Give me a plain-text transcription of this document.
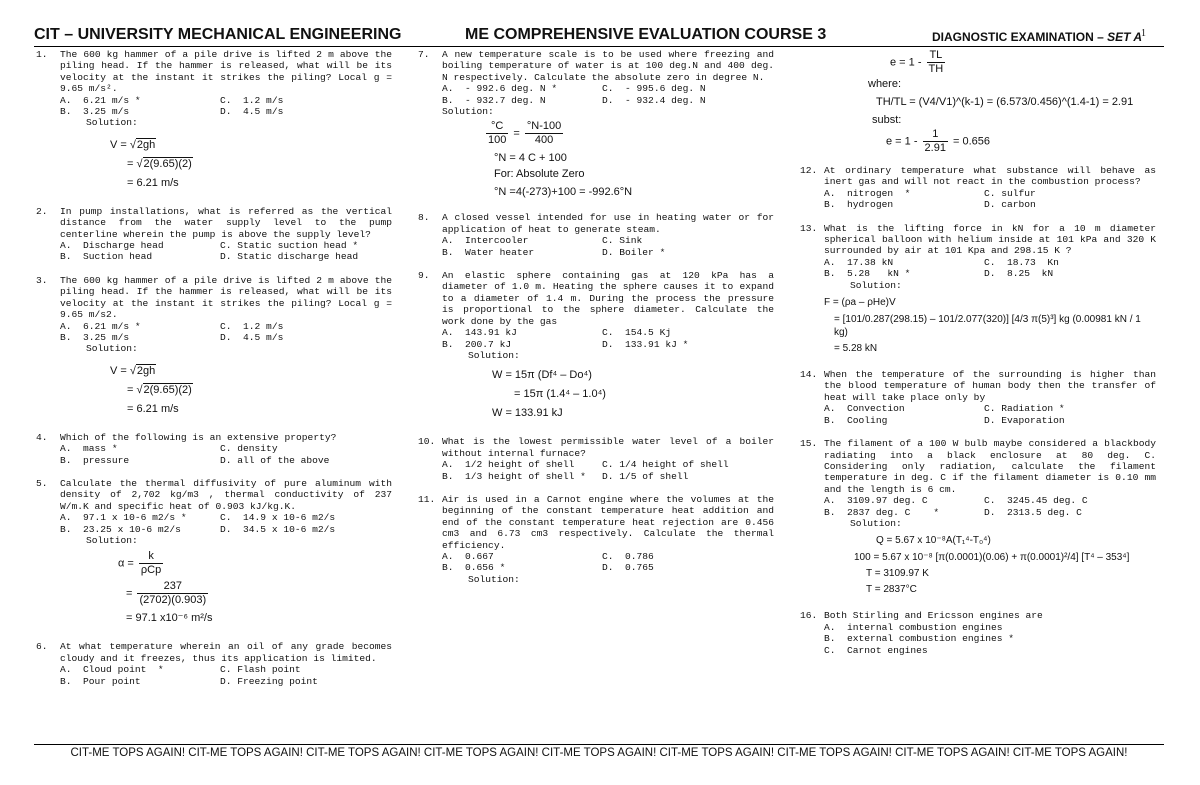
CIT – UNIVERSITY MECHANICAL ENGINEERING	ME COMPREHENSIVE EVALUATION COURSE 3	DIAGNOSTIC EXAMINATION – SET A
1
1.	The 600 kg hammer of a pile drive is lifted 2 m above the piling head. If the hammer is released, what will be its velocity at the instant it strikes the piling? Local g = 9.65 m/s².
A.  6.21 m/s *	C.  1.2 m/s
B.  3.25 m/s	D.  4.5 m/s
Solution:
V = √2gh
= √2(9.65)(2)
= 6.21 m/s
2.	In pump installations, what is referred as the vertical distance from the water supply level to the pump centerline wherein the pump is above the supply level?
A.  Discharge head	C. Static suction head *
B.  Suction head	D. Static discharge head
3.	The 600 kg hammer of a pile drive is lifted 2 m above the piling head. If the hammer is released, what will be its velocity at the instant it strikes the piling? Local g = 9.65 m/s2.
A.  6.21 m/s *	C.  1.2 m/s
B.  3.25 m/s	D.  4.5 m/s
Solution:
V = √2gh
= √2(9.65)(2)
= 6.21 m/s
4.	Which of the following is an extensive property?
A.  mass *	C. density
B.  pressure	D. all of the above
5.	Calculate the thermal diffusivity of pure aluminum with density of 2,702 kg/m3 , thermal conductivity of 237 W/m.K and specific heat of 0.903 kJ/kg.K.
A.  97.1 x 10-6 m2/s *	C.  14.9 x 10-6 m2/s
B.  23.25 x 10-6 m2/s	D.  34.5 x 10-6 m2/s
Solution:
$\alpha = \frac{k}{\text{ρCp}}$
= $\frac{237}{(2702)(0.903)}$
= 97.1 x10⁻⁶ m²/s
6.	At what temperature wherein an oil of any grade becomes cloudy and it freezes, thus its application is limited.
A.  Cloud point  *	C. Flash point
B.  Pour point	D. Freezing point
7.	A new temperature scale is to be used where freezing and boiling temperature of water is at 100 deg.N and 400 deg. N respectively. Calculate the absolute zero in degree N.
A.  - 992.6 deg. N *	C.  - 995.6 deg. N
B.  - 932.7 deg. N	D.  - 932.4 deg. N
Solution:
$\frac{^\circ C}{100} = \frac{^\circ N-100}{400}$
°N = 4 C + 100
For: Absolute Zero
°N =4(-273)+100 = -992.6°N
8.	A closed vessel intended for use in heating water or for application of heat to generate steam.
A.  Intercooler	C. Sink
B.  Water heater	D. Boiler *
9.	An elastic sphere containing gas at 120 kPa has a diameter of 1.0 m. Heating the sphere causes it to expand to a diameter of 1.4 m. During the process the pressure is proportional to the sphere diameter. Calculate the work done by the gas
A.  143.91 kJ	C.  154.5 Kj
B.  200.7 kJ	D.  133.91 kJ *
Solution:
W = 15π (Df⁴ – Do⁴)
= 15π (1.4⁴ – 1.0⁴)
W = 133.91 kJ
10. What is the lowest permissible water level of a boiler without internal furnace?
A.  1/2 height of shell	C. 1/4 height of shell
B.  1/3 height of shell *	D. 1/5 of shell
11. Air is used in a Carnot engine where the volumes at the beginning of the constant temperature heat addition and end of the constant temperature heat rejection are 0.456 cm3 and 6.73 cm3 respectively. Calculate the thermal efficiency.
A.  0.667	C.  0.786
B.  0.656 *	D.  0.765
Solution:
$e = 1 - \frac{TL}{TH}$
where:
TH/TL = (V4/V1)^(k-1) = (6.573/0.456)^(1.4-1) = 2.91
subst:
$e = 1 - \frac{1}{2.91} = 0.656$
12. At ordinary temperature what substance will behave as inert gas and will not react in the combustion process?
A.  nitrogen  *	C. sulfur
B.  hydrogen	D. carbon
13. What is the lifting force in kN for a 10 m diameter spherical balloon with helium inside at 101 kPa and 320 K surrounded by air at 101 Kpa and 298.15 K ?
A.  17.38 kN	C.  18.73  Kn
B.  5.28   kN *	D.  8.25  kN
Solution:
F = (ρa – ρHe)V
= [101/0.287(298.15) – 101/2.077(320)] [4/3 π(5)³] kg (0.00981 kN / 1 kg)
= 5.28 kN
14. When the temperature of the surrounding is higher than the blood temperature of human body then the transfer of heat will take place only by
A.  Convection	C. Radiation *
B.  Cooling	D. Evaporation
15. The filament of a 100 W bulb maybe considered a blackbody radiating into a black enclosure at 80 deg. C. Considering only radiation, calculate the filament temperature in deg. C if the filament diameter is 0.10 mm and the length is 6 cm.
A.  3109.97 deg. C	C.  3245.45 deg. C
B.  2837 deg. C    *	D.  2313.5 deg. C
Solution:
Q = 5.67 x 10⁻⁸A(T₁⁴-T₀⁴)
100 = 5.67 x 10⁻⁸ [π(0.0001)(0.06) + π(0.0001)²/4] [T⁴ – 353⁴]
T = 3109.97 K
T = 2837°C
16. Both Stirling and Ericsson engines are
A.  internal combustion engines
B.  external combustion engines *
C.  Carnot engines
CIT-ME TOPS AGAIN! CIT-ME TOPS AGAIN! CIT-ME TOPS AGAIN! CIT-ME TOPS AGAIN! CIT-ME TOPS AGAIN! CIT-ME TOPS AGAIN! CIT-ME TOPS AGAIN! CIT-ME TOPS AGAIN! CIT-ME TOPS AGAIN!
